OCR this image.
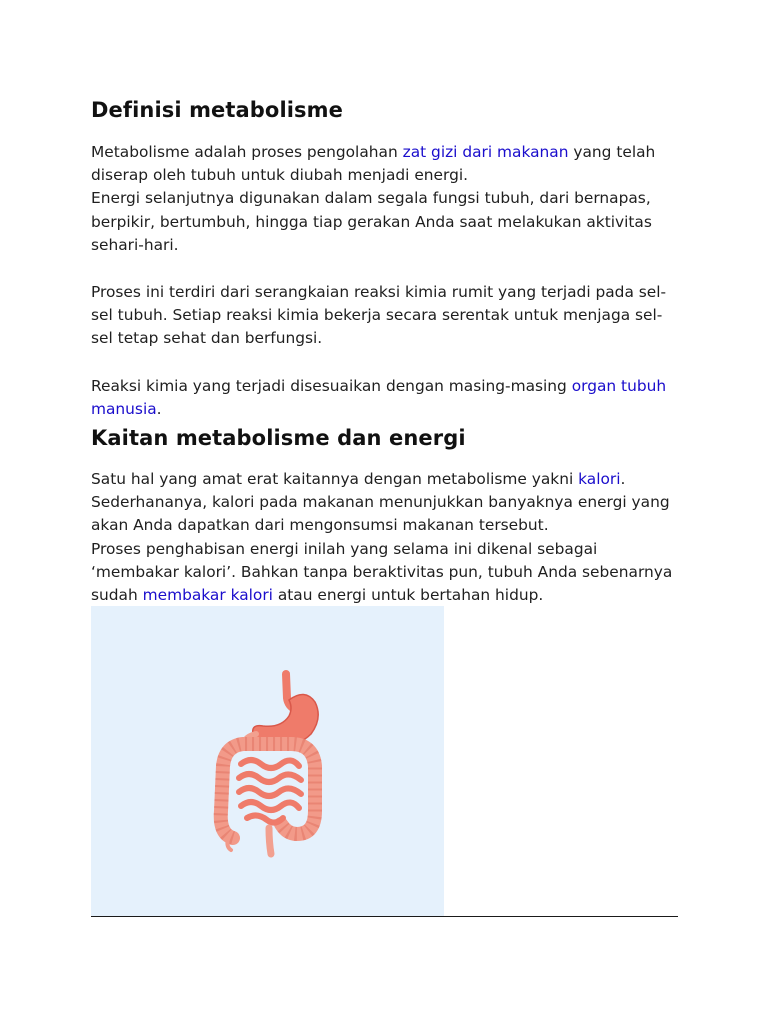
Definisi metabolisme

Metabolisme adalah proses pengolahan zat gizi dari makanan yang telah diserap oleh tubuh untuk diubah menjadi energi.
Energi selanjutnya digunakan dalam segala fungsi tubuh, dari bernapas, berpikir, bertumbuh, hingga tiap gerakan Anda saat melakukan aktivitas sehari-hari.

Proses ini terdiri dari serangkaian reaksi kimia rumit yang terjadi pada sel-sel tubuh. Setiap reaksi kimia bekerja secara serentak untuk menjaga sel-sel tetap sehat dan berfungsi.

Reaksi kimia yang terjadi disesuaikan dengan masing-masing organ tubuh manusia.

Kaitan metabolisme dan energi

Satu hal yang amat erat kaitannya dengan metabolisme yakni kalori.
Sederhananya, kalori pada makanan menunjukkan banyaknya energi yang akan Anda dapatkan dari mengonsumsi makanan tersebut.
Proses penghabisan energi inilah yang selama ini dikenal sebagai ‘membakar kalori’. Bahkan tanpa beraktivitas pun, tubuh Anda sebenarnya sudah membakar kalori atau energi untuk bertahan hidup.
